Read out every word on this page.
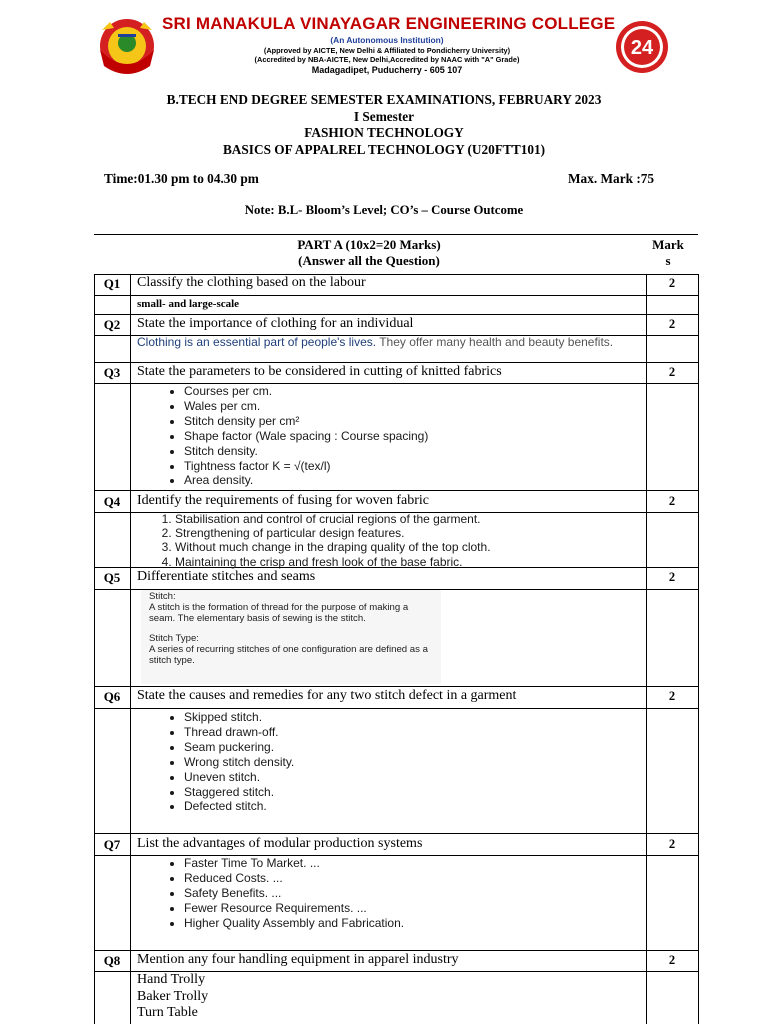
SRI MANAKULA VINAYAGAR ENGINEERING COLLEGE
(An Autonomous Institution)
(Approved by AICTE, New Delhi & Affiliated to Pondicherry University)
(Accredited by NBA-AICTE, New Delhi,Accredited by NAAC with "A" Grade)
Madagadipet, Puducherry - 605 107
24
B.TECH END DEGREE SEMESTER EXAMINATIONS, FEBRUARY 2023
I Semester
FASHION TECHNOLOGY
BASICS OF APPALREL TECHNOLOGY (U20FTT101)
Time:01.30 pm to 04.30 pm	Max. Mark :75
Note: B.L- Bloom’s Level; CO’s – Course Outcome
PART A (10x2=20 Marks)
(Answer all the Question)
Mark
s
Q1	Classify the clothing based on the labour	2
small- and large-scale
Q2	State the importance of clothing for an individual	2
Clothing is an essential part of people's lives. They offer many health and beauty benefits.
Q3	State the parameters to be considered in cutting of knitted fabrics	2
• Courses per cm.
• Wales per cm.
• Stitch density per cm²
• Shape factor (Wale spacing : Course spacing)
• Stitch density.
• Tightness factor K = √(tex/l)
• Area density.
Q4	Identify the requirements of fusing for woven fabric	2
1. Stabilisation and control of crucial regions of the garment.
2. Strengthening of particular design features.
3. Without much change in the draping quality of the top cloth.
4. Maintaining the crisp and fresh look of the base fabric.
Q5	Differentiate stitches and seams	2

Stitch:

A stitch is the formation of thread for the purpose of making a seam. The elementary basis of sewing is the stitch.

Stitch Type:

A series of recurring stitches of one configuration are defined as a stitch type.

Q6	State the causes and remedies for any two stitch defect in a garment	2
• Skipped stitch.
• Thread drawn-off.
• Seam puckering.
• Wrong stitch density.
• Uneven stitch.
• Staggered stitch.
• Defected stitch.
Q7	List the advantages of modular production systems	2
• Faster Time To Market. ...
• Reduced Costs. ...
• Safety Benefits. ...
• Fewer Resource Requirements. ...
• Higher Quality Assembly and Fabrication.
Q8	Mention any four handling equipment in apparel industry	2
Hand Trolly
Baker Trolly
Turn Table
